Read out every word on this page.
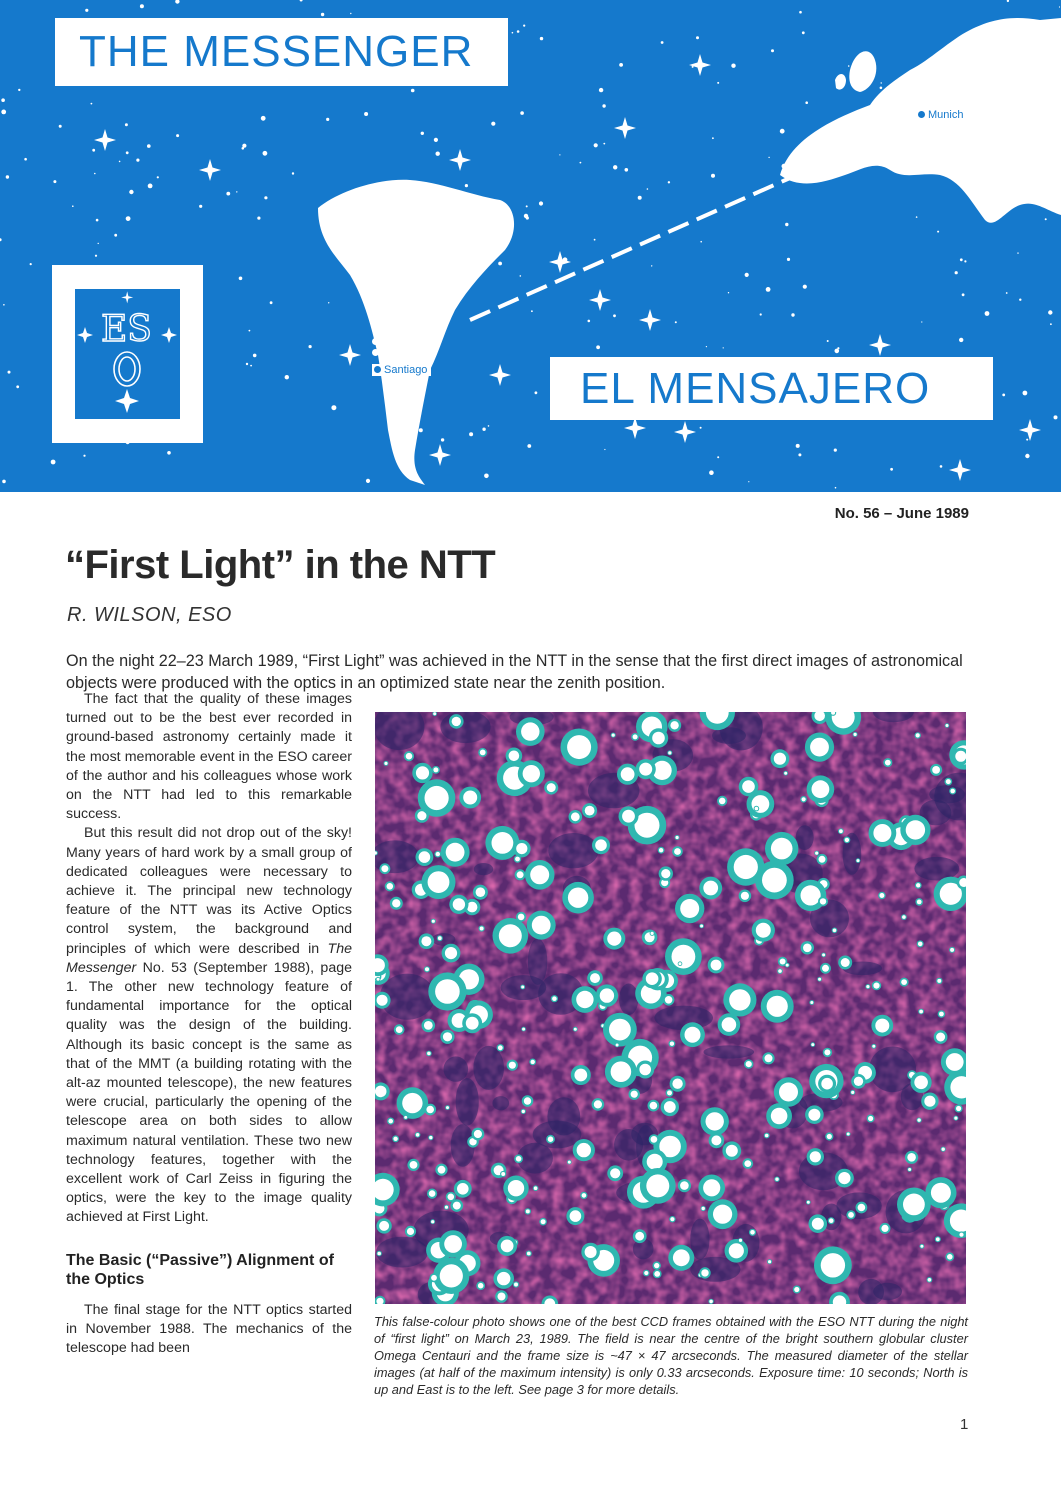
THE MESSENGER
EL MENSAJERO
ES	La Silla
La Serena
Santiago
Munich
No. 56 – June 1989
“First Light” in the NTT
R. WILSON, ESO

On the night 22–23 March 1989, “First Light” was achieved in the NTT in the sense that the first direct images of astronomical objects were produced with the optics in an optimized state near the zenith position.

The fact that the quality of these images turned out to be the best ever recorded in ground-based astronomy certainly made it the most memorable event in the ESO career of the author and his colleagues whose work on the NTT had led to this remarkable success.

But this result did not drop out of the sky! Many years of hard work by a small group of dedicated colleagues were necessary to achieve it. The principal new technology feature of the NTT was its Active Optics control system, the background and principles of which were described in The Messenger No. 53 (September 1988), page 1. The other new technology feature of fundamental importance for the optical quality was the design of the building. Although its basic concept is the same as that of the MMT (a building rotating with the alt-az mounted telescope), the new features were crucial, particularly the opening of the telescope area on both sides to allow maximum natural ventilation. These two new technology features, together with the excellent work of Carl Zeiss in figuring the optics, were the key to the image quality achieved at First Light.

The Basic (“Passive”) Alignment of the Optics

The final stage for the NTT optics started in November 1988. The mechanics of the telescope had been

This false-colour photo shows one of the best CCD frames obtained with the ESO NTT during the night of “first light” on March 23, 1989. The field is near the centre of the bright southern globular cluster Omega Centauri and the frame size is ~47 × 47 arcseconds. The measured diameter of the stellar images (at half of the maximum intensity) is only 0.33 arcseconds. Exposure time: 10 seconds; North is up and East is to the left. See page 3 for more details.

1
